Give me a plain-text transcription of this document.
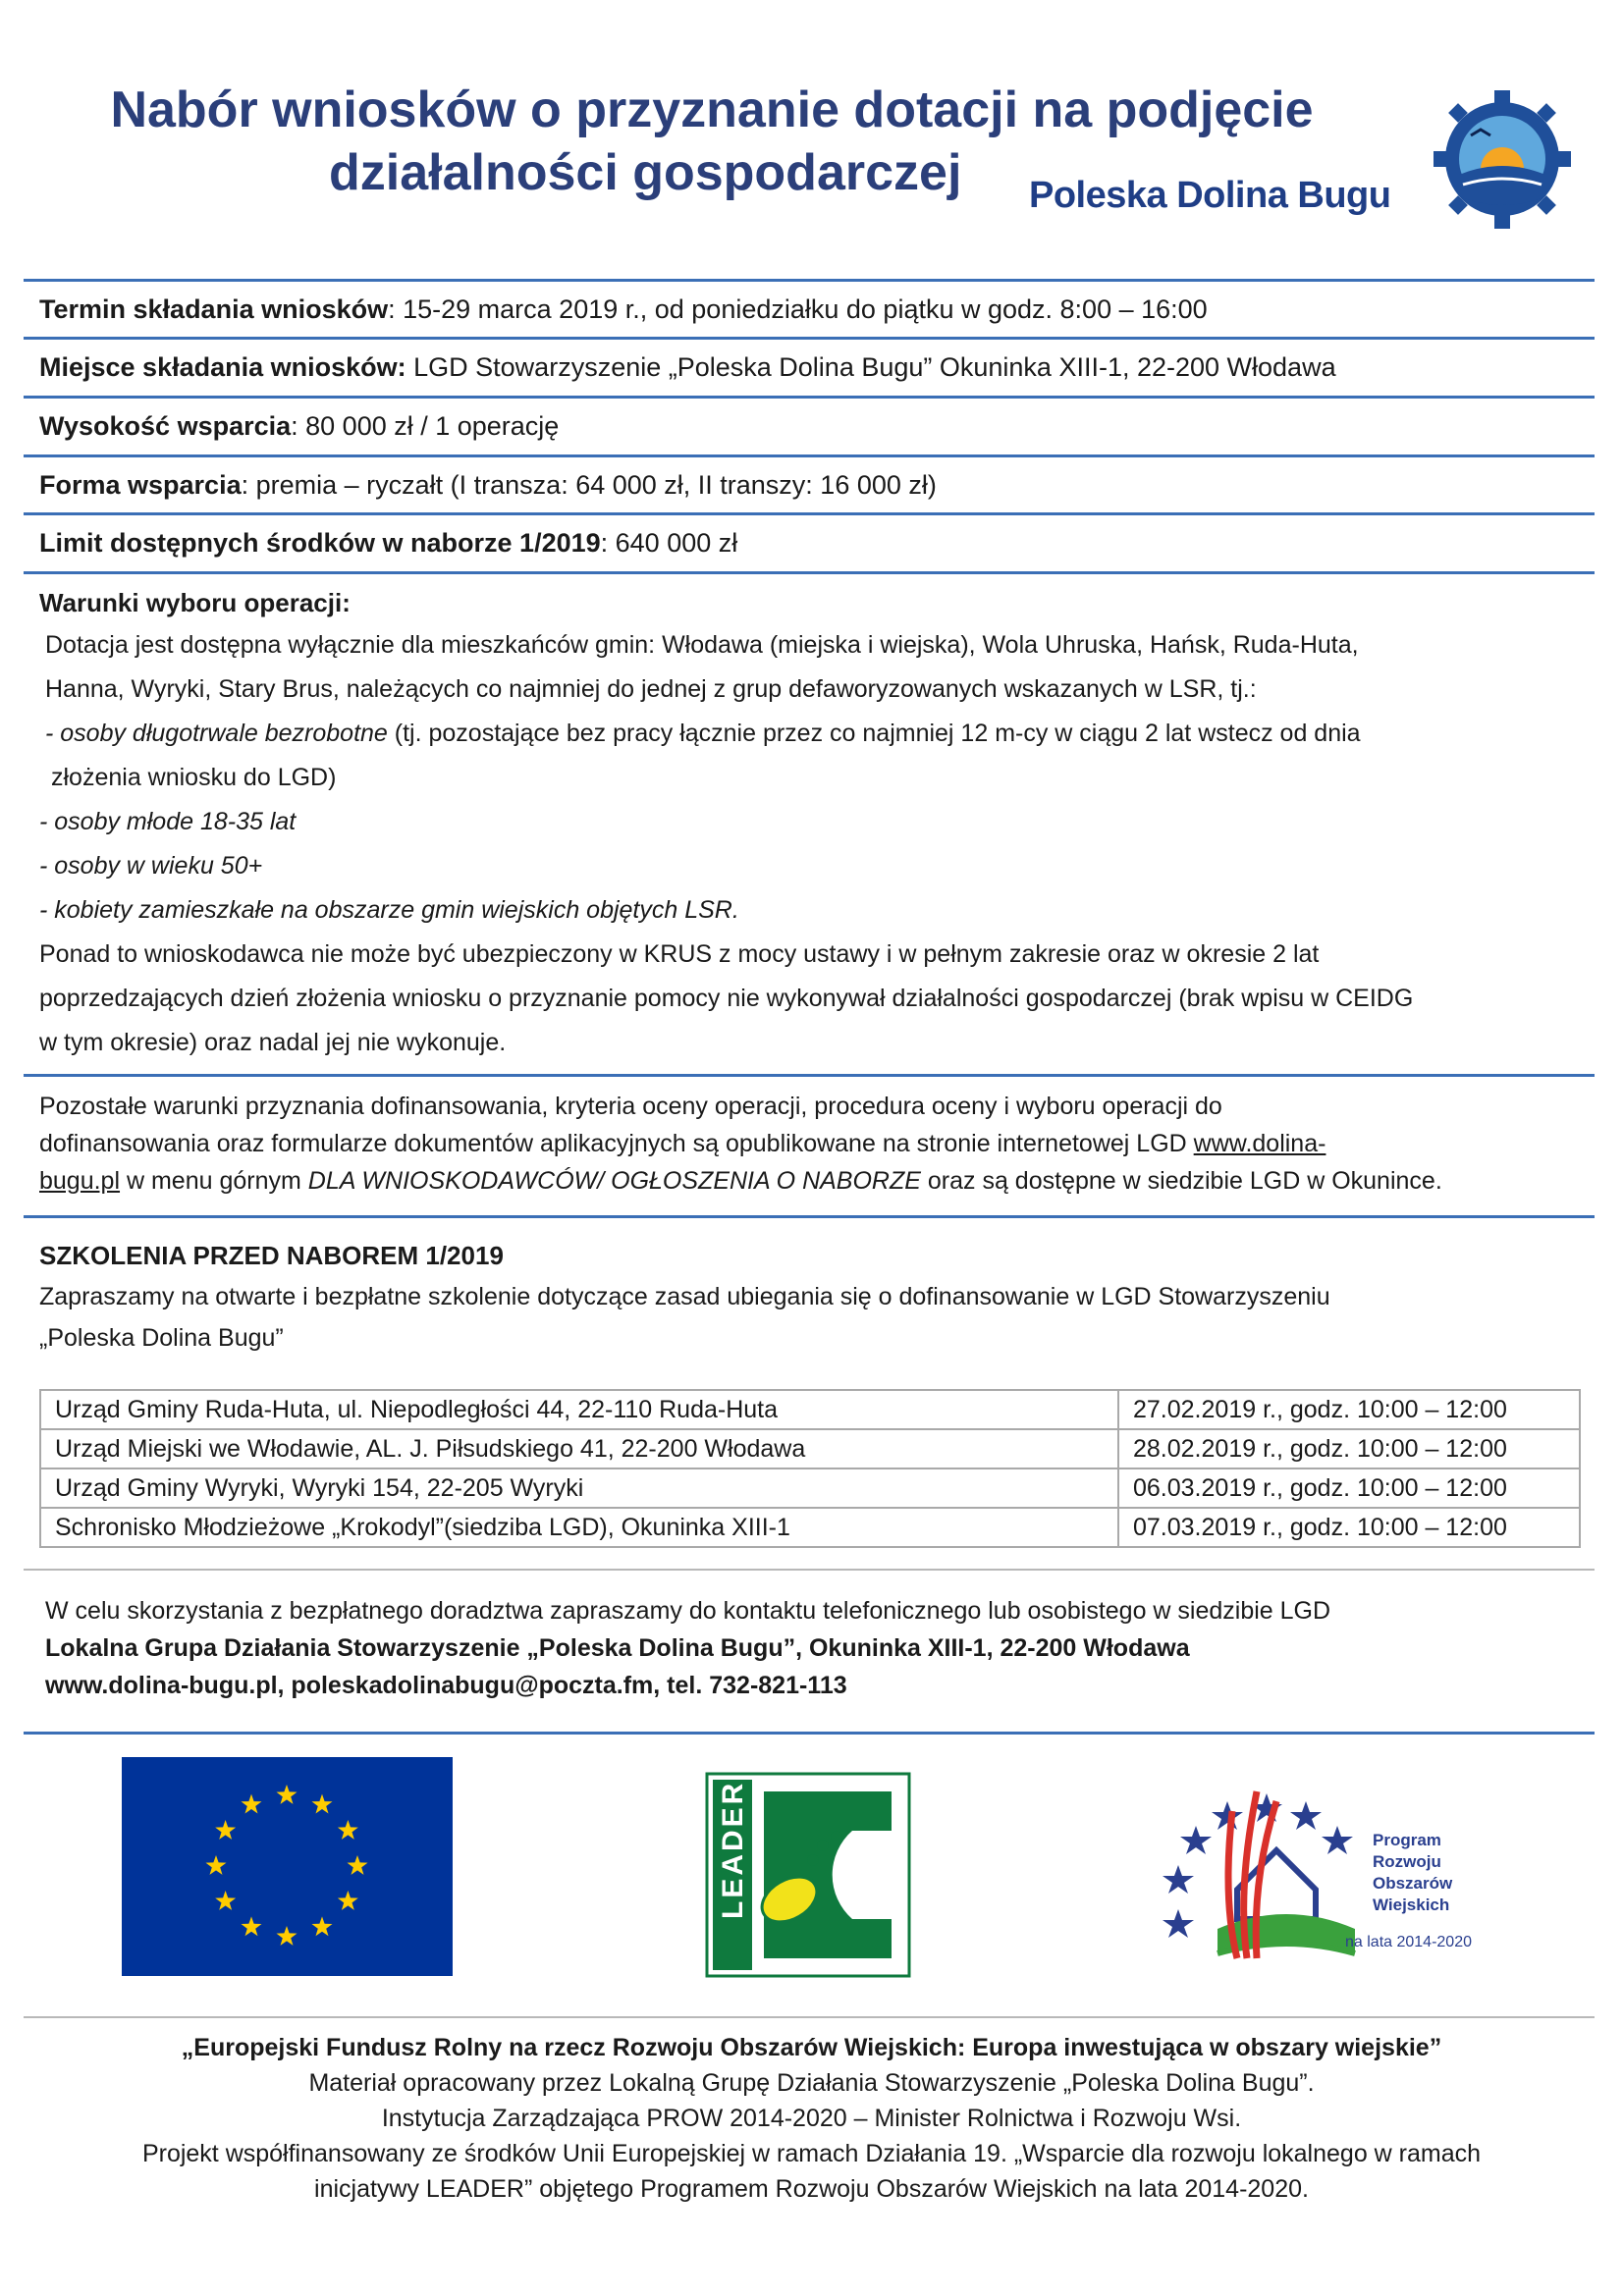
Nabór wniosków o przyznanie dotacji na podjęcie
działalności gospodarczej	Poleska Dolina Bugu
Termin składania wniosków: 15-29 marca 2019 r., od poniedziałku do piątku w godz. 8:00 – 16:00
Miejsce składania wniosków: LGD Stowarzyszenie „Poleska Dolina Bugu” Okuninka XIII-1, 22-200 Włodawa
Wysokość wsparcia: 80 000 zł / 1 operację
Forma wsparcia: premia – ryczałt (I transza: 64 000 zł, II transzy: 16 000 zł)
Limit dostępnych środków w naborze 1/2019: 640 000 zł
Warunki wyboru operacji:
Dotacja jest dostępna wyłącznie dla mieszkańców gmin: Włodawa (miejska i wiejska), Wola Uhruska, Hańsk, Ruda-Huta,
Hanna, Wyryki, Stary Brus, należących co najmniej do jednej z grup defaworyzowanych wskazanych w LSR, tj.:
- osoby długotrwale bezrobotne (tj. pozostające bez pracy łącznie przez co najmniej 12 m-cy w ciągu 2 lat wstecz od dnia
złożenia wniosku do LGD)
- osoby młode 18-35 lat
- osoby w wieku 50+
- kobiety zamieszkałe na obszarze gmin wiejskich objętych LSR.
Ponad to wnioskodawca nie może być ubezpieczony w KRUS z mocy ustawy i w pełnym zakresie oraz w okresie 2 lat
poprzedzających dzień złożenia wniosku o przyznanie pomocy nie wykonywał działalności gospodarczej (brak wpisu w CEIDG
w tym okresie) oraz nadal jej nie wykonuje.
Pozostałe warunki przyznania dofinansowania, kryteria oceny operacji, procedura oceny i wyboru operacji do
dofinansowania oraz formularze dokumentów aplikacyjnych są opublikowane na stronie internetowej LGD www.dolina-
bugu.pl w menu górnym DLA WNIOSKODAWCÓW/ OGŁOSZENIA O NABORZE oraz są dostępne w siedzibie LGD w Okunince.
SZKOLENIA PRZED NABOREM 1/2019
Zapraszamy na otwarte i bezpłatne szkolenie dotyczące zasad ubiegania się o dofinansowanie w LGD Stowarzyszeniu
„Poleska Dolina Bugu”
Urząd Gminy Ruda-Huta, ul. Niepodległości 44, 22-110 Ruda-Huta	27.02.2019 r., godz. 10:00 – 12:00
Urząd Miejski we Włodawie, AL. J. Piłsudskiego 41, 22-200 Włodawa	28.02.2019 r., godz. 10:00 – 12:00
Urząd Gminy Wyryki, Wyryki 154, 22-205 Wyryki	06.03.2019 r., godz. 10:00 – 12:00
Schronisko Młodzieżowe „Krokodyl”(siedziba LGD), Okuninka XIII-1	07.03.2019 r., godz. 10:00 – 12:00
W celu skorzystania z bezpłatnego doradztwa zapraszamy do kontaktu telefonicznego lub osobistego w siedzibie LGD
Lokalna Grupa Działania Stowarzyszenie „Poleska Dolina Bugu”, Okuninka XIII-1, 22-200 Włodawa
www.dolina-bugu.pl, poleskadolinabugu@poczta.fm, tel. 732-821-113
LEADER	Program
Rozwoju
Obszarów
Wiejskich
na lata 2014-2020
„Europejski Fundusz Rolny na rzecz Rozwoju Obszarów Wiejskich: Europa inwestująca w obszary wiejskie”
Materiał opracowany przez Lokalną Grupę Działania Stowarzyszenie „Poleska Dolina Bugu”.
Instytucja Zarządzająca PROW 2014-2020 – Minister Rolnictwa i Rozwoju Wsi.
Projekt współfinansowany ze środków Unii Europejskiej w ramach Działania 19. „Wsparcie dla rozwoju lokalnego w ramach
inicjatywy LEADER” objętego Programem Rozwoju Obszarów Wiejskich na lata 2014-2020.
